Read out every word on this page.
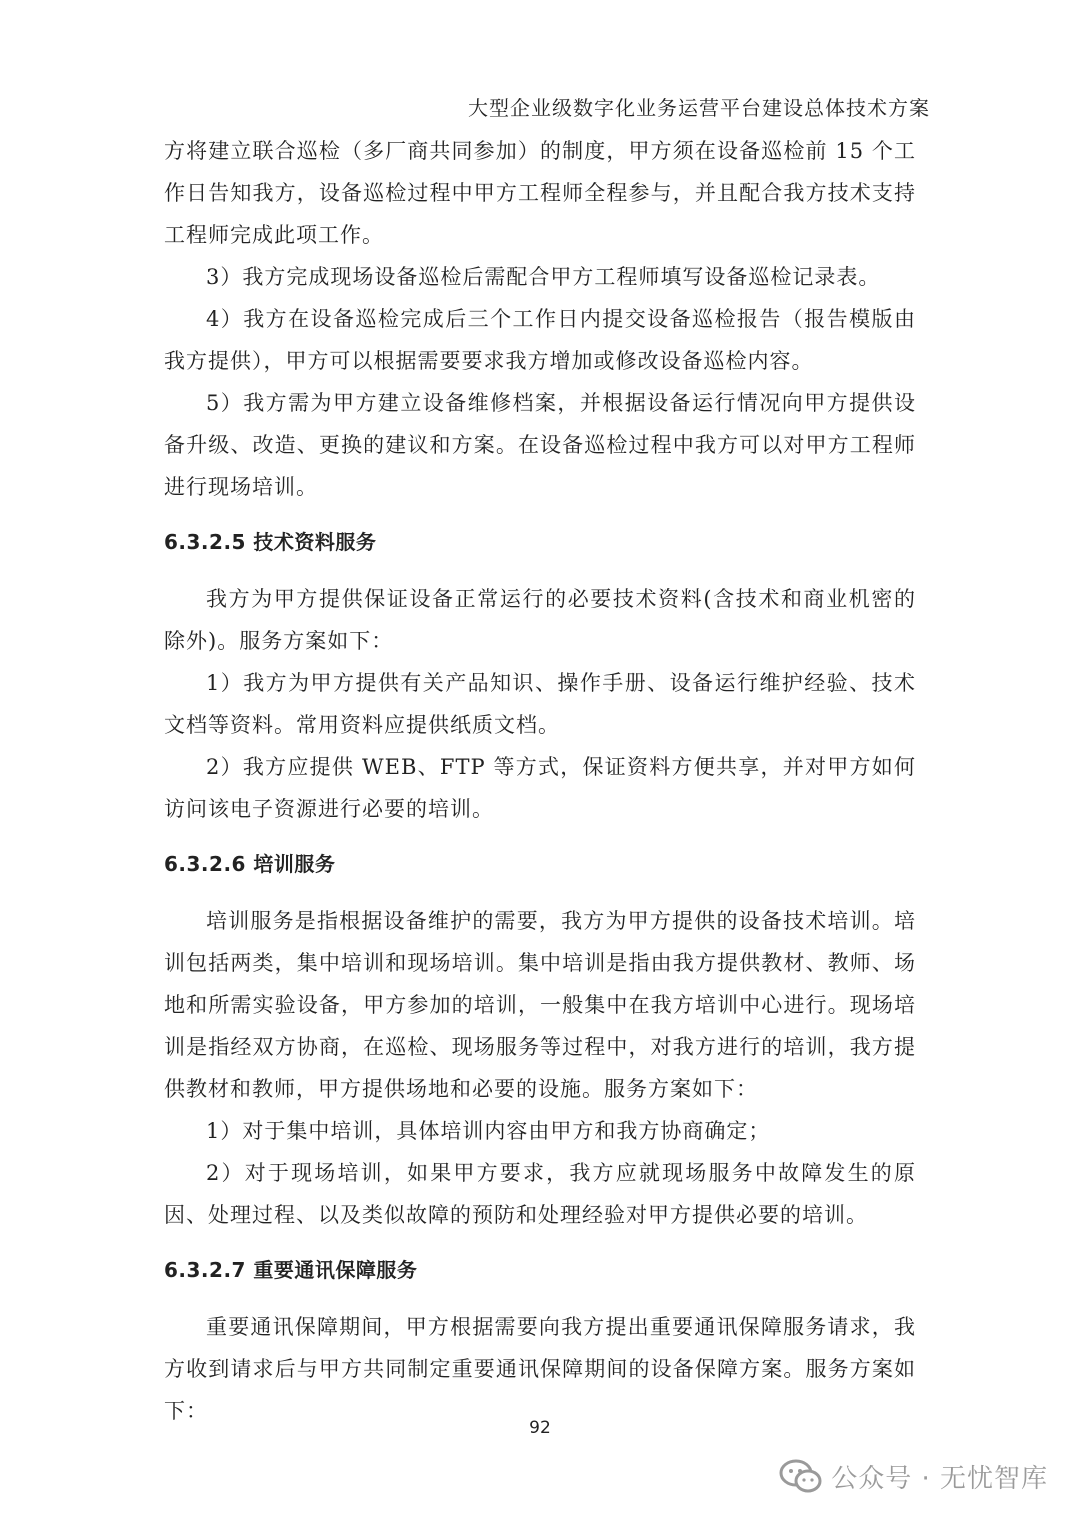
大型企业级数字化业务运营平台建设总体技术方案

方将建立联合巡检（多厂商共同参加）的制度，甲方须在设备巡检前 15 个工作日告知我方，设备巡检过程中甲方工程师全程参与，并且配合我方技术支持工程师完成此项工作。

3）我方完成现场设备巡检后需配合甲方工程师填写设备巡检记录表。

4）我方在设备巡检完成后三个工作日内提交设备巡检报告（报告模版由我方提供），甲方可以根据需要要求我方增加或修改设备巡检内容。

5）我方需为甲方建立设备维修档案，并根据设备运行情况向甲方提供设备升级、改造、更换的建议和方案。在设备巡检过程中我方可以对甲方工程师进行现场培训。

6.3.2.5 技术资料服务

我方为甲方提供保证设备正常运行的必要技术资料(含技术和商业机密的除外)。服务方案如下：

1）我方为甲方提供有关产品知识、操作手册、设备运行维护经验、技术文档等资料。常用资料应提供纸质文档。

2）我方应提供 WEB、FTP 等方式，保证资料方便共享，并对甲方如何访问该电子资源进行必要的培训。

6.3.2.6 培训服务

培训服务是指根据设备维护的需要，我方为甲方提供的设备技术培训。培训包括两类，集中培训和现场培训。集中培训是指由我方提供教材、教师、场地和所需实验设备，甲方参加的培训，一般集中在我方培训中心进行。现场培训是指经双方协商，在巡检、现场服务等过程中，对我方进行的培训，我方提供教材和教师，甲方提供场地和必要的设施。服务方案如下：

1）对于集中培训，具体培训内容由甲方和我方协商确定；

2）对于现场培训，如果甲方要求，我方应就现场服务中故障发生的原因、处理过程、以及类似故障的预防和处理经验对甲方提供必要的培训。

6.3.2.7 重要通讯保障服务

重要通讯保障期间，甲方根据需要向我方提出重要通讯保障服务请求，我方收到请求后与甲方共同制定重要通讯保障期间的设备保障方案。服务方案如下：

92
公众号 · 无忧智库
